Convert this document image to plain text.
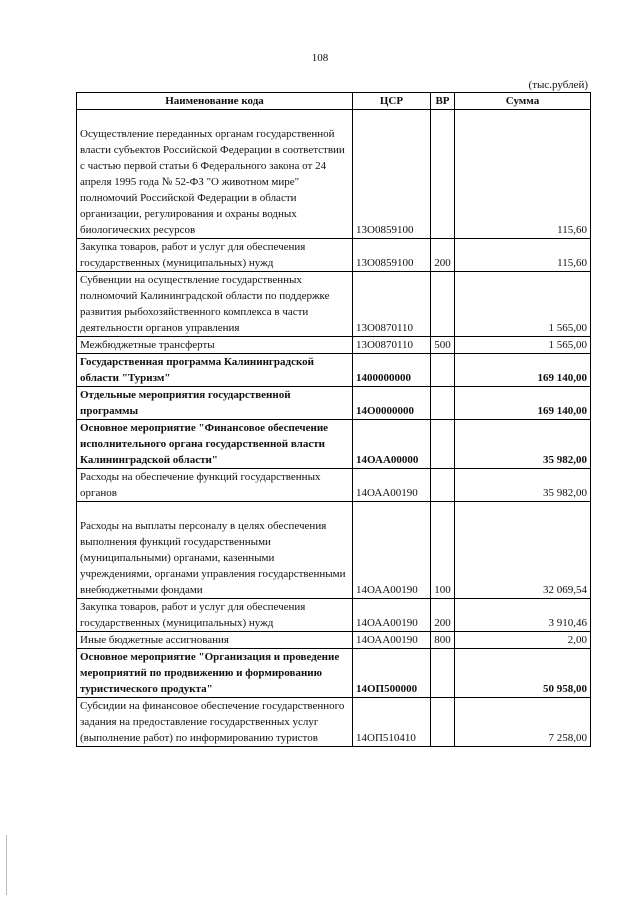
108
(тыс.рублей)
Наименование кода	ЦСР	ВР	Сумма

Осуществление переданных органам государственной власти субъектов Российской Федерации в соответствии с частью первой статьи 6 Федерального закона от 24 апреля 1995 года № 52-ФЗ "О животном мире" полномочий Российской Федерации в области организации, регулирования и охраны водных биологических ресурсов	13О0859100		115,60
Закупка товаров, работ и услуг для обеспечения государственных (муниципальных) нужд	13О0859100	200	115,60
Субвенции на осуществление государственных полномочий Калининградской области по поддержке развития рыбохозяйственного комплекса в части деятельности органов управления	13О0870110		1 565,00
Межбюджетные трансферты	13О0870110	500	1 565,00
Государственная программа Калининградской области "Туризм"	1400000000		169 140,00
Отдельные мероприятия государственной программы	14О0000000		169 140,00
Основное мероприятие "Финансовое обеспечение исполнительного органа государственной власти Калининградской области"	14ОАА00000		35 982,00
Расходы на обеспечение функций государственных органов	14ОАА00190		35 982,00

Расходы на выплаты персоналу в целях обеспечения выполнения функций государственными (муниципальными) органами, казенными учреждениями, органами управления государственными внебюджетными фондами	14ОАА00190	100	32 069,54
Закупка товаров, работ и услуг для обеспечения государственных (муниципальных) нужд	14ОАА00190	200	3 910,46
Иные бюджетные ассигнования	14ОАА00190	800	2,00
Основное мероприятие "Организация и проведение мероприятий по продвижению и формированию туристического продукта"	14ОП500000		50 958,00
Субсидии на финансовое обеспечение государственного задания на предоставление государственных услуг (выполнение работ) по информированию туристов	14ОП510410		7 258,00
